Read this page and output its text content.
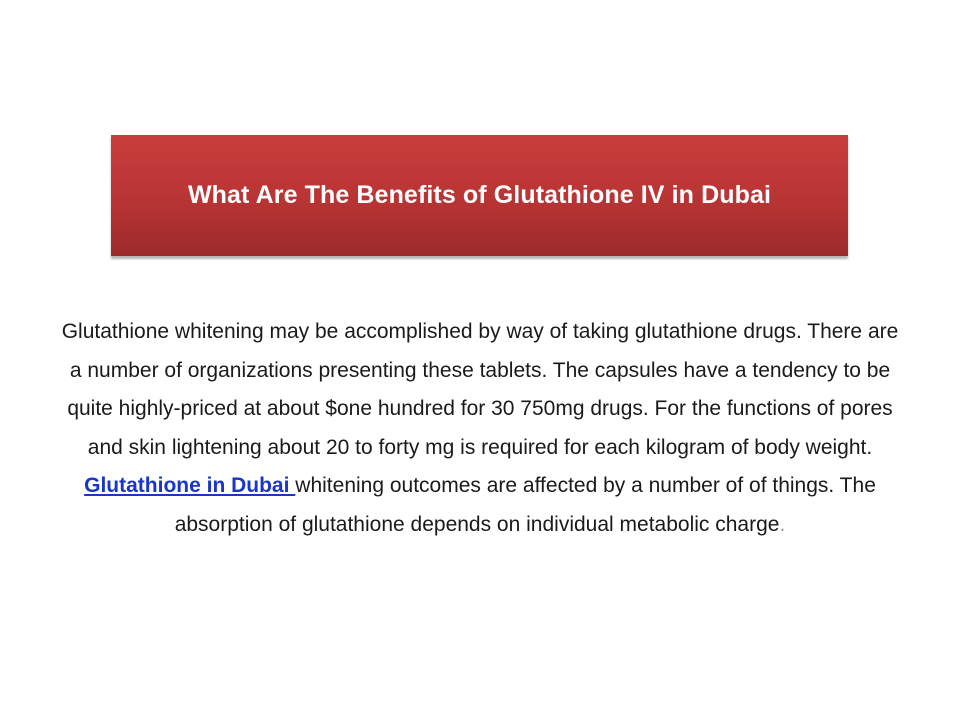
What Are The Benefits of Glutathione IV in Dubai

Glutathione whitening may be accomplished by way of taking glutathione drugs. There are a number of organizations presenting these tablets. The capsules have a tendency to be quite highly-priced at about $one hundred for 30 750mg drugs. For the functions of pores and skin lightening about 20 to forty mg is required for each kilogram of body weight. Glutathione in Dubai whitening outcomes are affected by a number of of things. The absorption of glutathione depends on individual metabolic charge.
